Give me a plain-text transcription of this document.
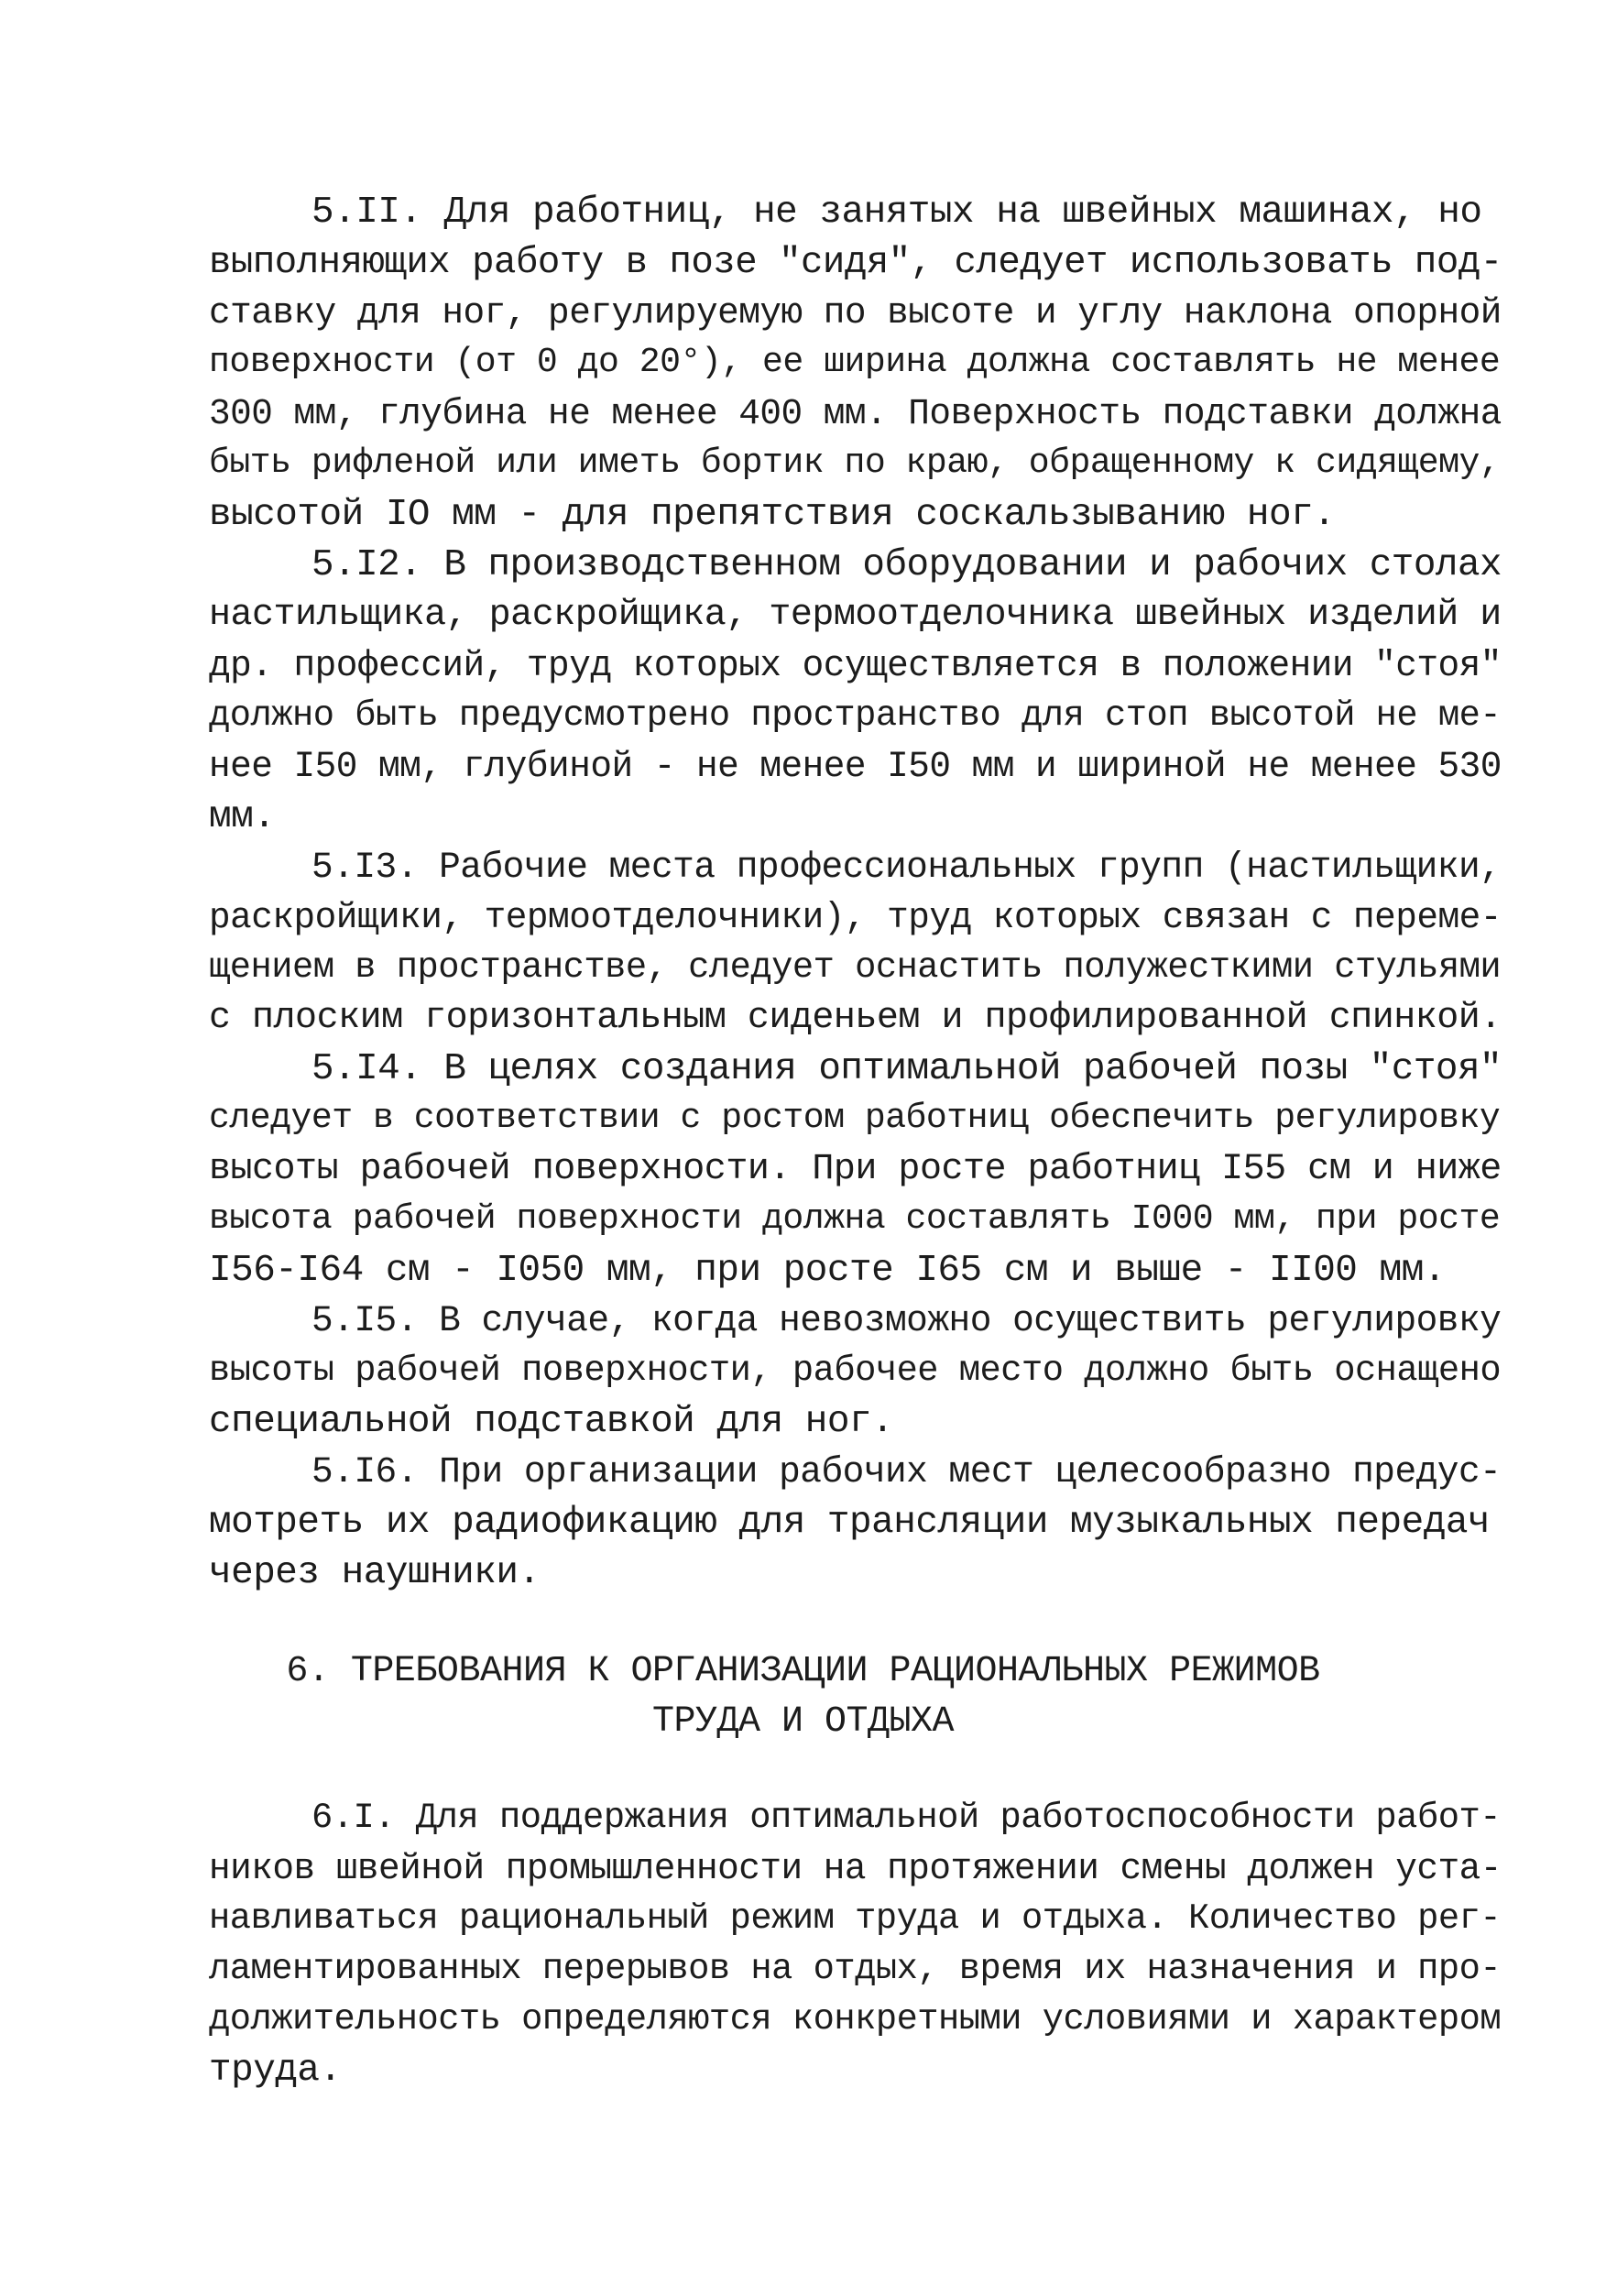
5.II. Для работниц, не занятых на швейных машинах, но
выполняющих работу в позе "сидя", следует использовать под-
ставку для ног, регулируемую по высоте и углу наклона опорной
поверхности (от 0 до 20°), ее ширина должна составлять не менее
300 мм, глубина не менее 400 мм. Поверхность подставки должна
быть рифленой или иметь бортик по краю, обращенному к сидящему,
высотой IO мм - для препятствия соскальзыванию ног.
5.I2. В производственном оборудовании и рабочих столах
настильщика, раскройщика, термоотделочника швейных изделий и
др. профессий, труд которых осуществляется в положении "стоя"
должно быть предусмотрено пространство для стоп высотой не ме-
нее I50 мм, глубиной - не менее I50 мм и шириной не менее 530
мм.
5.I3. Рабочие места профессиональных групп (настильщики,
раскройщики, термоотделочники), труд которых связан с переме-
щением в пространстве, следует оснастить полужесткими стульями
с плоским горизонтальным сиденьем и профилированной спинкой.
5.I4. В целях создания оптимальной рабочей позы "стоя"
следует в соответствии с ростом работниц обеспечить регулировку
высоты рабочей поверхности. При росте работниц I55 см и ниже
высота рабочей поверхности должна составлять I000 мм, при росте
I56-I64 см - I050 мм, при росте I65 см и выше - II00 мм.
5.I5. В случае, когда невозможно осуществить регулировку
высоты рабочей поверхности, рабочее место должно быть оснащено
специальной подставкой для ног.
5.I6. При организации рабочих мест целесообразно предус-
мотреть их радиофикацию для трансляции музыкальных передач
через наушники.
6. ТРЕБОВАНИЯ К ОРГАНИЗАЦИИ РАЦИОНАЛЬНЫХ РЕЖИМОВ
ТРУДА И ОТДЫХА
6.I. Для поддержания оптимальной работоспособности работ-
ников швейной промышленности на протяжении смены должен уста-
навливаться рациональный режим труда и отдыха. Количество рег-
ламентированных перерывов на отдых, время их назначения и про-
должительность определяются конкретными условиями и характером
труда.
